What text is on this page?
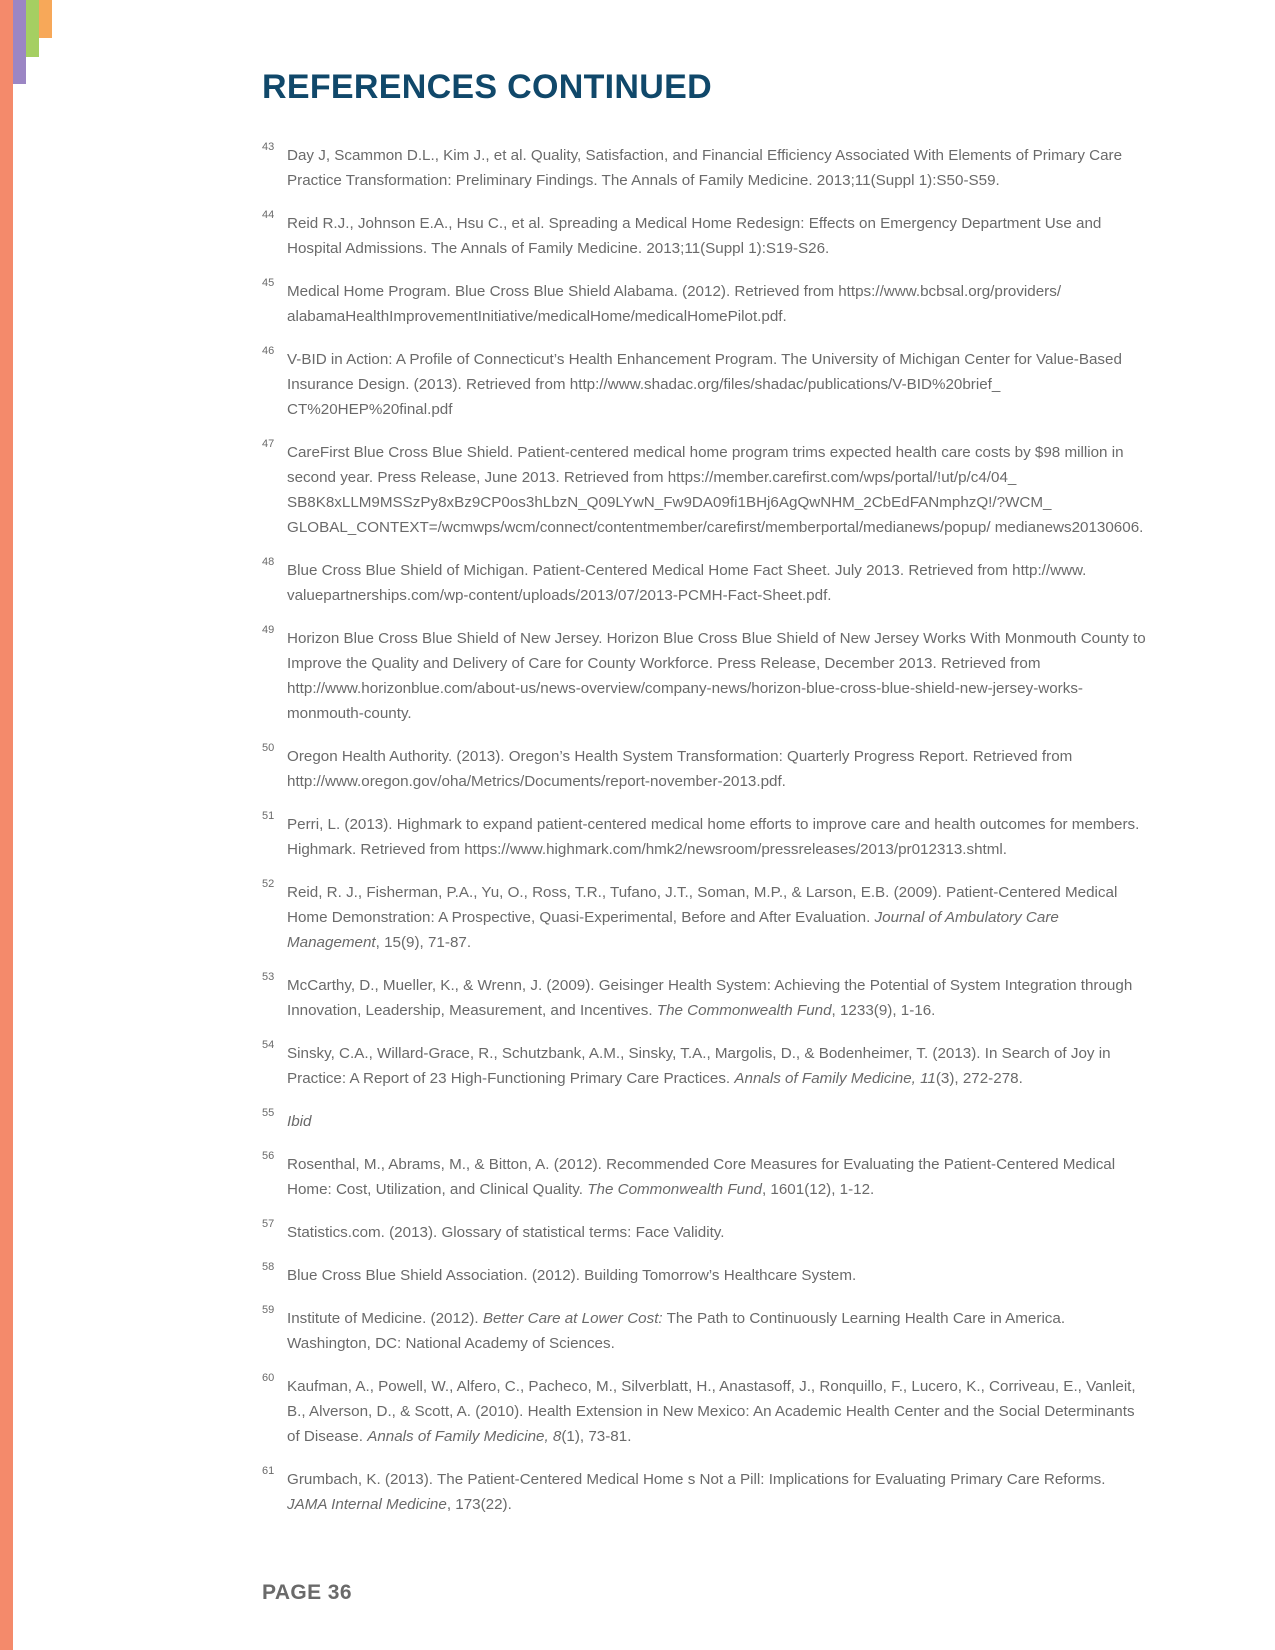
REFERENCES CONTINUED
43 Day J, Scammon D.L., Kim J., et al. Quality, Satisfaction, and Financial Efficiency Associated With Elements of Primary Care Practice Transformation: Preliminary Findings. The Annals of Family Medicine. 2013;11(Suppl 1):S50-S59.
44 Reid R.J., Johnson E.A., Hsu C., et al. Spreading a Medical Home Redesign: Effects on Emergency Department Use and Hospital Admissions. The Annals of Family Medicine. 2013;11(Suppl 1):S19-S26.
45 Medical Home Program. Blue Cross Blue Shield Alabama. (2012). Retrieved from https://www.bcbsal.org/providers/ alabamaHealthImprovementInitiative/medicalHome/medicalHomePilot.pdf.
46 V-BID in Action: A Profile of Connecticut’s Health Enhancement Program. The University of Michigan Center for Value-Based Insurance Design. (2013). Retrieved from http://www.shadac.org/files/shadac/publications/V-BID%20brief_ CT%20HEP%20final.pdf
47 CareFirst Blue Cross Blue Shield. Patient-centered medical home program trims expected health care costs by $98 million in second year. Press Release, June 2013. Retrieved from https://member.carefirst.com/wps/portal/!ut/p/c4/04_ SB8K8xLLM9MSSzPy8xBz9CP0os3hLbzN_Q09LYwN_Fw9DA09fi1BHj6AgQwNHM_2CbEdFANmphzQ!/?WCM_ GLOBAL_CONTEXT=/wcmwps/wcm/connect/contentmember/carefirst/memberportal/medianews/popup/ medianews20130606.
48 Blue Cross Blue Shield of Michigan. Patient-Centered Medical Home Fact Sheet. July 2013. Retrieved from http://www. valuepartnerships.com/wp-content/uploads/2013/07/2013-PCMH-Fact-Sheet.pdf.
49 Horizon Blue Cross Blue Shield of New Jersey. Horizon Blue Cross Blue Shield of New Jersey Works With Monmouth County to Improve the Quality and Delivery of Care for County Workforce. Press Release, December 2013. Retrieved from http://www.horizonblue.com/about-us/news-overview/company-news/horizon-blue-cross-blue-shield-new-jersey-works-monmouth-county.
50 Oregon Health Authority. (2013). Oregon’s Health System Transformation: Quarterly Progress Report. Retrieved from http://www.oregon.gov/oha/Metrics/Documents/report-november-2013.pdf.
51 Perri, L. (2013). Highmark to expand patient-centered medical home efforts to improve care and health outcomes for members. Highmark. Retrieved from https://www.highmark.com/hmk2/newsroom/pressreleases/2013/pr012313.shtml.
52 Reid, R. J., Fisherman, P.A., Yu, O., Ross, T.R., Tufano, J.T., Soman, M.P., & Larson, E.B. (2009). Patient-Centered Medical Home Demonstration: A Prospective, Quasi-Experimental, Before and After Evaluation. Journal of Ambulatory Care Management, 15(9), 71-87.
53 McCarthy, D., Mueller, K., & Wrenn, J. (2009). Geisinger Health System: Achieving the Potential of System Integration through Innovation, Leadership, Measurement, and Incentives. The Commonwealth Fund, 1233(9), 1-16.
54 Sinsky, C.A., Willard-Grace, R., Schutzbank, A.M., Sinsky, T.A., Margolis, D., & Bodenheimer, T. (2013). In Search of Joy in Practice: A Report of 23 High-Functioning Primary Care Practices. Annals of Family Medicine, 11(3), 272-278.
55 Ibid
56 Rosenthal, M., Abrams, M., & Bitton, A. (2012). Recommended Core Measures for Evaluating the Patient-Centered Medical Home: Cost, Utilization, and Clinical Quality. The Commonwealth Fund, 1601(12), 1-12.
57 Statistics.com. (2013). Glossary of statistical terms: Face Validity.
58 Blue Cross Blue Shield Association. (2012). Building Tomorrow’s Healthcare System.
59 Institute of Medicine. (2012). Better Care at Lower Cost: The Path to Continuously Learning Health Care in America. Washington, DC: National Academy of Sciences.
60 Kaufman, A., Powell, W., Alfero, C., Pacheco, M., Silverblatt, H., Anastasoff, J., Ronquillo, F., Lucero, K., Corriveau, E., Vanleit, B., Alverson, D., & Scott, A. (2010). Health Extension in New Mexico: An Academic Health Center and the Social Determinants of Disease. Annals of Family Medicine, 8(1), 73-81.
61 Grumbach, K. (2013). The Patient-Centered Medical Home s Not a Pill: Implications for Evaluating Primary Care Reforms. JAMA Internal Medicine, 173(22).
PAGE 36
